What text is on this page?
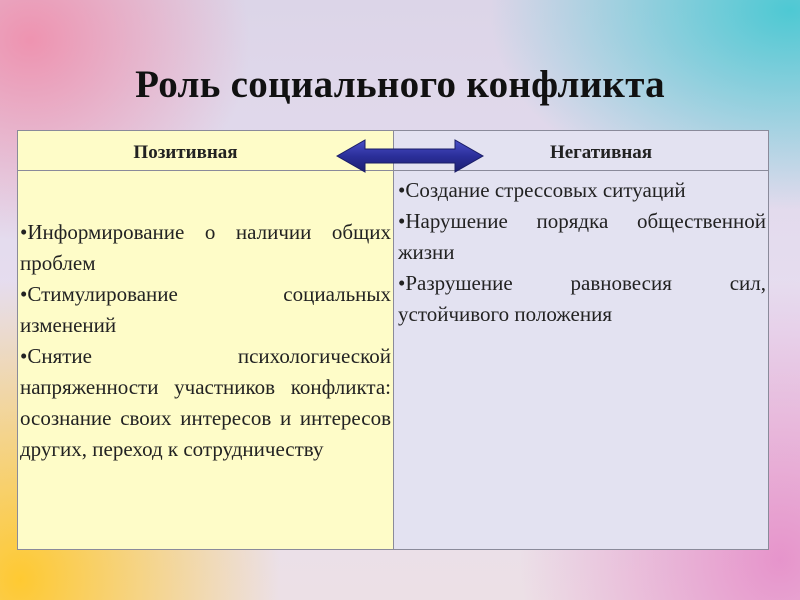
Роль социального конфликта
Позитивная

•Информирование о наличии общих проблем

•Стимулирование социальных изменений

•Снятие психологической напряженности участников конфликта: осознание своих интересов и интересов других, переход к сотрудничеству

Негативная

•Создание стрессовых ситуаций

•Нарушение порядка общественной жизни

•Разрушение равновесия сил, устойчивого положения
